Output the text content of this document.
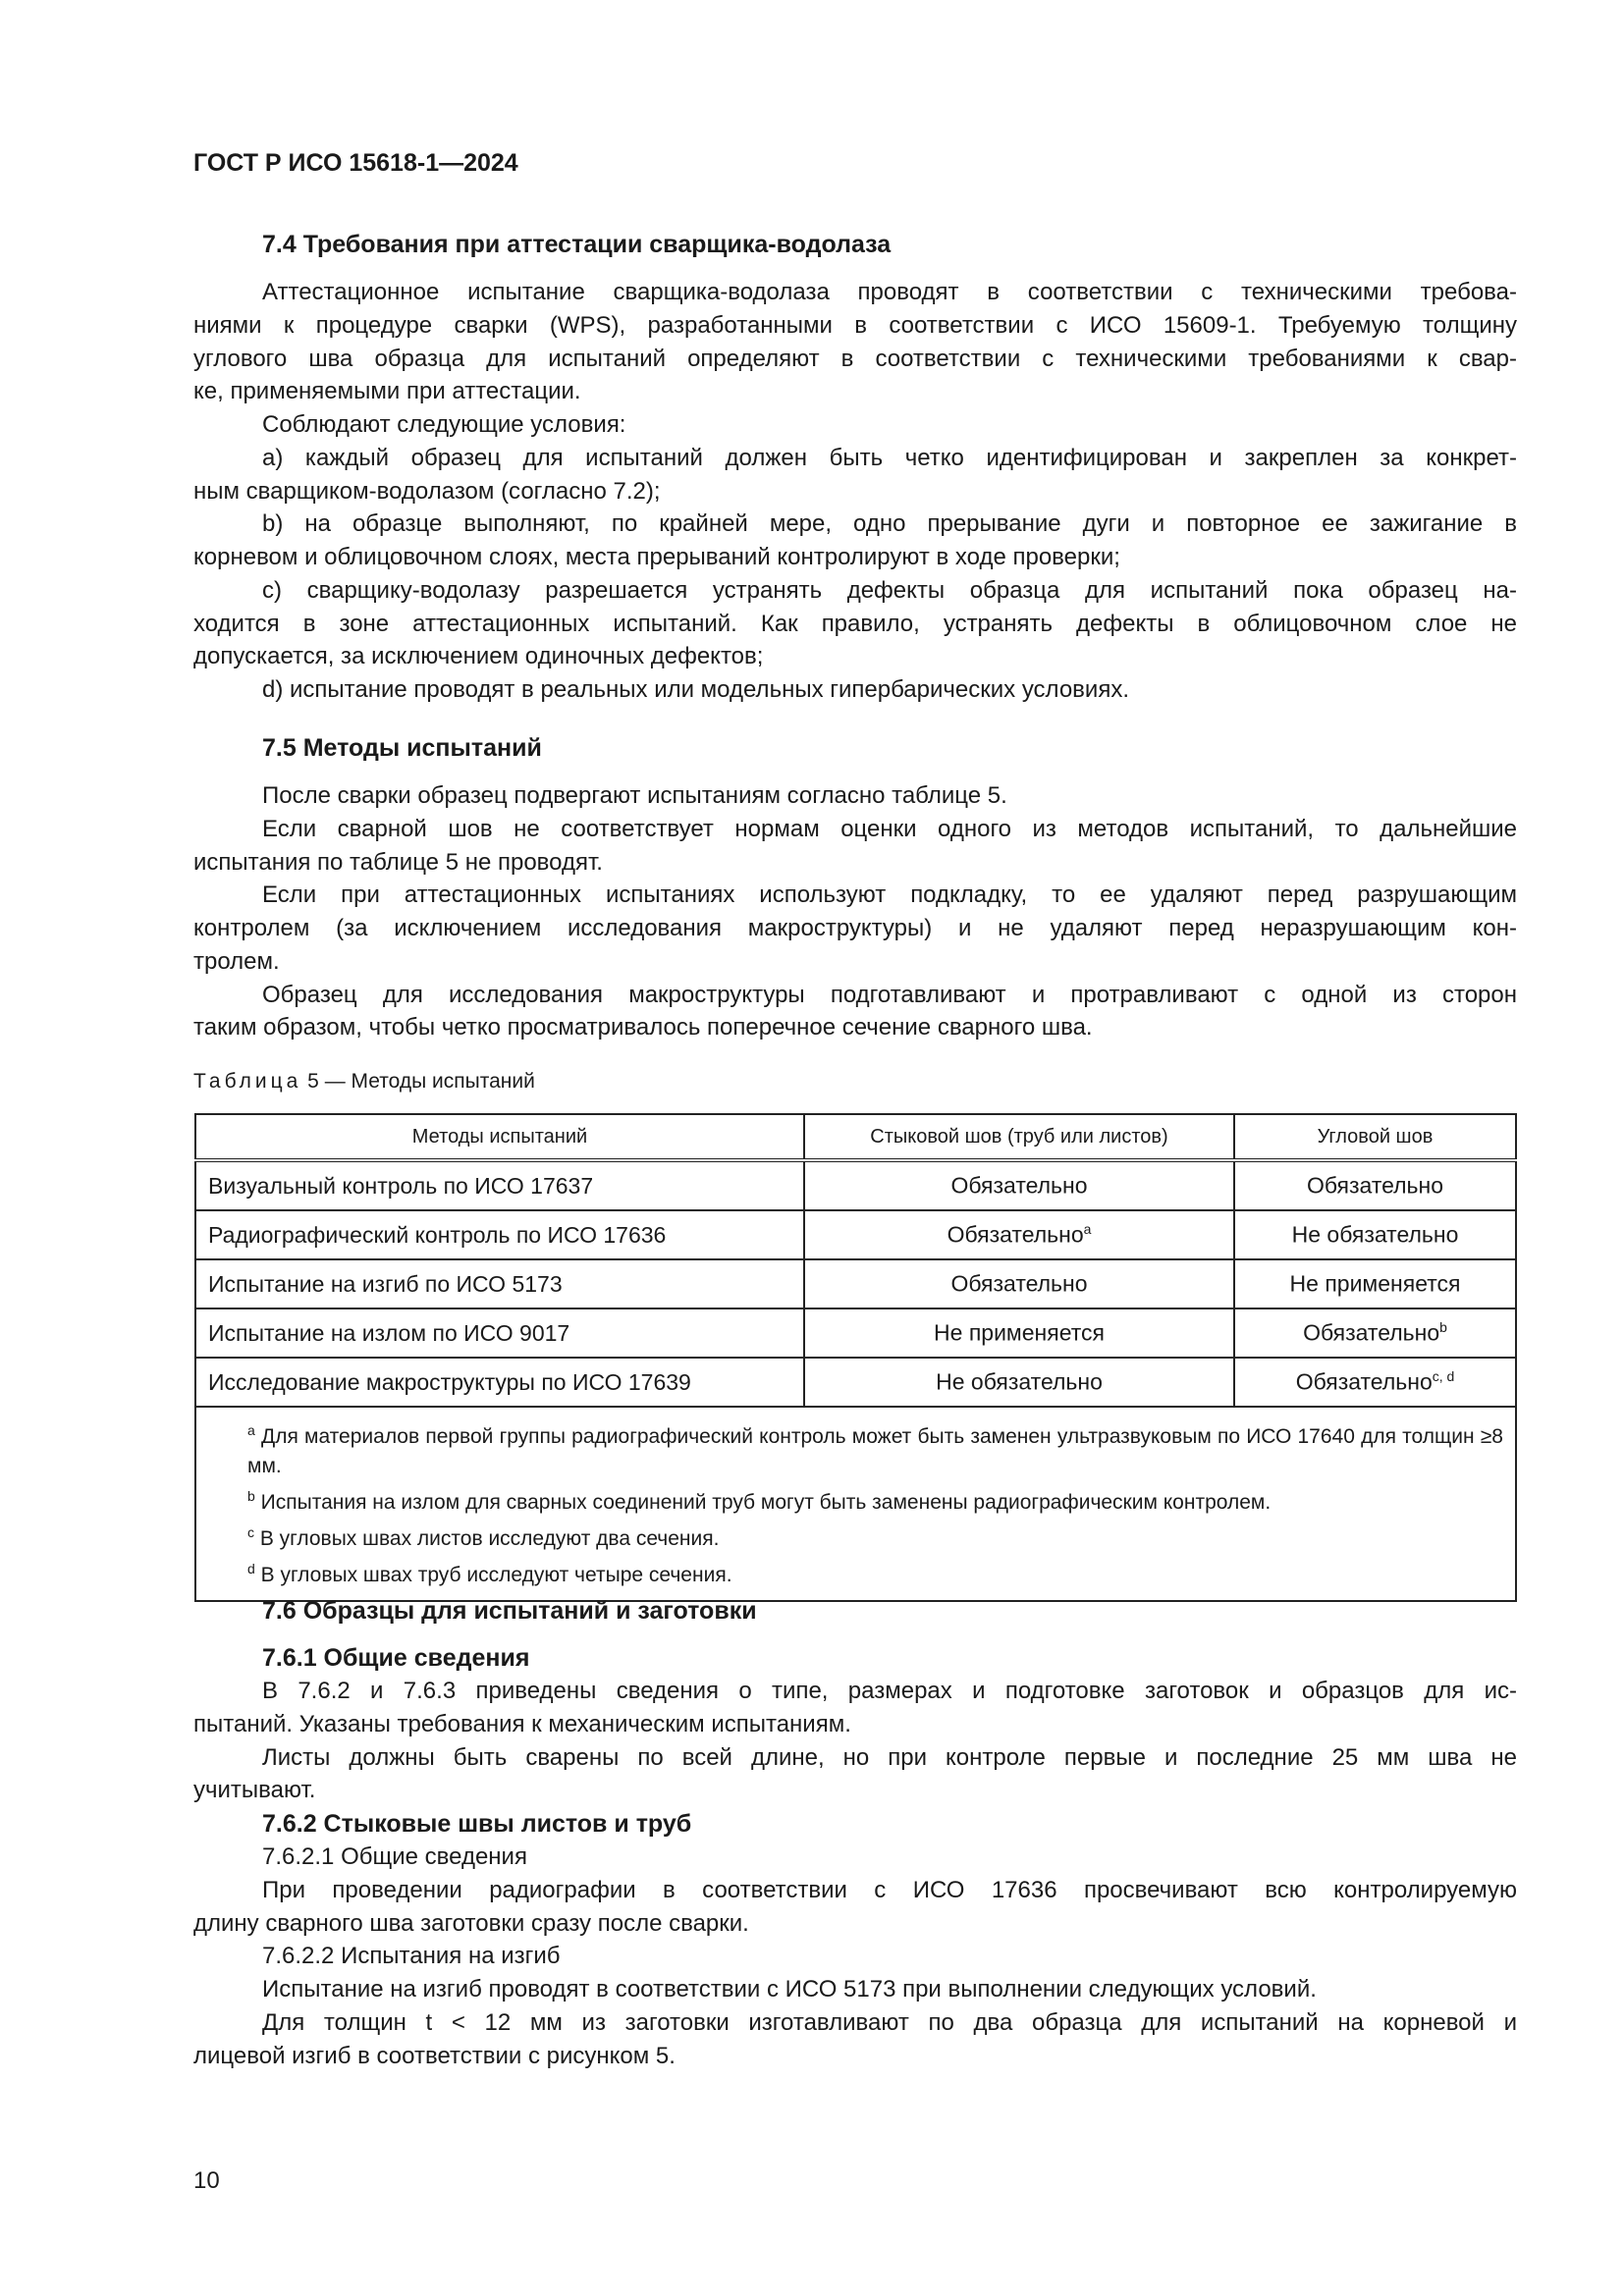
ГОСТ Р ИСО 15618-1—2024
7.4 Требования при аттестации сварщика-водолаза
Аттестационное испытание сварщика-водолаза проводят в соответствии с техническими требова-
ниями к процедуре сварки (WPS), разработанными в соответствии с ИСО 15609-1. Требуемую толщину
углового шва образца для испытаний определяют в соответствии с техническими требованиями к свар-
ке, применяемыми при аттестации.
Соблюдают следующие условия:
a) каждый образец для испытаний должен быть четко идентифицирован и закреплен за конкрет-
ным сварщиком-водолазом (согласно 7.2);
b) на образце выполняют, по крайней мере, одно прерывание дуги и повторное ее зажигание в
корневом и облицовочном слоях, места прерываний контролируют в ходе проверки;
c) сварщику-водолазу разрешается устранять дефекты образца для испытаний пока образец на-
ходится в зоне аттестационных испытаний. Как правило, устранять дефекты в облицовочном слое не
допускается, за исключением одиночных дефектов;
d) испытание проводят в реальных или модельных гипербарических условиях.
7.5 Методы испытаний
После сварки образец подвергают испытаниям согласно таблице 5.
Если сварной шов не соответствует нормам оценки одного из методов испытаний, то дальнейшие
испытания по таблице 5 не проводят.
Если при аттестационных испытаниях используют подкладку, то ее удаляют перед разрушающим
контролем (за исключением исследования макроструктуры) и не удаляют перед неразрушающим кон-
тролем.
Образец для исследования макроструктуры подготавливают и протравливают с одной из сторон
таким образом, чтобы четко просматривалось поперечное сечение сварного шва.
Таблица 5 — Методы испытаний
Методы испытаний	Стыковой шов (труб или листов)	Угловой шов
Визуальный контроль по ИСО 17637	Обязательно	Обязательно
Радиографический контроль по ИСО 17636	Обязательно$^a$	Не обязательно
Испытание на изгиб по ИСО 5173	Обязательно	Не применяется
Испытание на излом по ИСО 9017	Не применяется	Обязательно$^b$
Исследование макроструктуры по ИСО 17639	Не обязательно	Обязательно$^{c, d}$

$^a$ Для материалов первой группы радиографический контроль может быть заменен ультразвуковым по ИСО 17640 для толщин ≥8 мм.
$^b$ Испытания на излом для сварных соединений труб могут быть заменены радиографическим контролем.
$^c$ В угловых швах листов исследуют два сечения.
$^d$ В угловых швах труб исследуют четыре сечения.		
7.6 Образцы для испытаний и заготовки
7.6.1 Общие сведения
В 7.6.2 и 7.6.3 приведены сведения о типе, размерах и подготовке заготовок и образцов для ис-
пытаний. Указаны требования к механическим испытаниям.
Листы должны быть сварены по всей длине, но при контроле первые и последние 25 мм шва не
учитывают.
7.6.2 Стыковые швы листов и труб
7.6.2.1 Общие сведения
При проведении радиографии в соответствии с ИСО 17636 просвечивают всю контролируемую
длину сварного шва заготовки сразу после сварки.
7.6.2.2 Испытания на изгиб
Испытание на изгиб проводят в соответствии с ИСО 5173 при выполнении следующих условий.
Для толщин t < 12 мм из заготовки изготавливают по два образца для испытаний на корневой и
лицевой изгиб в соответствии с рисунком 5.
10
